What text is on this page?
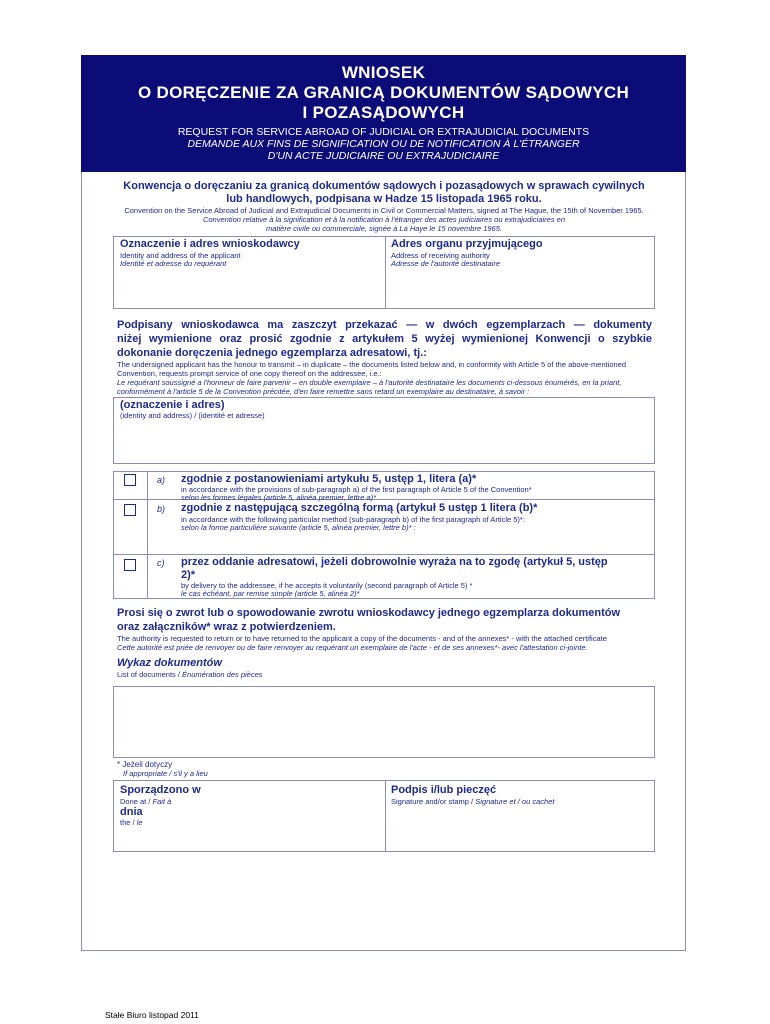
WNIOSEK
O DORĘCZENIE ZA GRANICĄ DOKUMENTÓW SĄDOWYCH
I POZASĄDOWYCH
REQUEST FOR SERVICE ABROAD OF JUDICIAL OR EXTRAJUDICIAL DOCUMENTS
DEMANDE AUX FINS DE SIGNIFICATION OU DE NOTIFICATION À L'ÉTRANGER
D'UN ACTE JUDICIAIRE OU EXTRAJUDICIAIRE
Konwencja o doręczaniu za granicą dokumentów sądowych i pozasądowych w sprawach cywilnych
lub handlowych, podpisana w Hadze 15 listopada 1965 roku.
Convention on the Service Abroad of Judicial and Extrajudicial Documents in Civil or Commercial Matters, signed at The Hague, the 15th of November 1965.
Convention relative à la signification et à la notification à l'étranger des actes judiciaires ou extrajudiciaires en
matière civile ou commerciale, signée à La Haye le 15 novembre 1965.
Oznaczenie i adres wnioskodawcy
Identity and address of the applicant
Identité et adresse du requérant
Adres organu przyjmującego
Address of receiving authority
Adresse de l'autorité destinataire
Podpisany wnioskodawca ma zaszczyt przekazać — w dwóch egzemplarzach — dokumenty
niżej wymienione oraz prosić zgodnie z artykułem 5 wyżej wymienionej Konwencji o szybkie
dokonanie doręczenia jednego egzemplarza adresatowi, tj.:
The undersigned applicant has the honour to transmit – in duplicate – the documents listed below and, in conformity with Article 5 of the above-mentioned
Convention, requests prompt service of one copy thereof on the addressee, i.e.:
Le requérant soussigné a l'honneur de faire parvenir – en double exemplaire – à l'autorité destinataire les documents ci-dessous énumérés, en la priant,
conformément à l'article 5 de la Convention précitée, d'en faire remettre sans retard un exemplaire au destinataire, à savoir :
(oznaczenie i adres)
(identity and address) / (identité et adresse)
a) zgodnie z postanowieniami artykułu 5, ustęp 1, litera (a)*
in accordance with the provisions of sub-paragraph a) of the first paragraph of Article 5 of the Convention*
selon les formes légales (article 5, alinéa premier, lettre a)*
b) zgodnie z następującą szczególną formą (artykuł 5 ustęp 1 litera (b)*
in accordance with the following particular method (sub-paragraph b) of the first paragraph of Article 5)*:
selon la forme particulière suivante (article 5, alinéa premier, lettre b)* :
c) przez oddanie adresatowi, jeżeli dobrowolnie wyraża na to zgodę (artykuł 5, ustęp
2)*
by delivery to the addressee, if he accepts it voluntarily (second paragraph of Article 5) *
le cas échéant, par remise simple (article 5, alinéa 2)*
Prosi się o zwrot lub o spowodowanie zwrotu wnioskodawcy jednego egzemplarza dokumentów
oraz załączników* wraz z potwierdzeniem.
The authority is requested to return or to have returned to the applicant a copy of the documents - and of the annexes* - with the attached certificate
Cette autorité est priée de renvoyer ou de faire renvoyer au requérant un exemplaire de l'acte - et de ses annexes*- avec l'attestation ci-jointe.
Wykaz dokumentów
List of documents / Énumération des pièces
* Jeżeli dotyczy
If appropriate / s'il y a lieu
Sporządzono w
Done at / Fait à
dnia
the / le
Podpis i/lub pieczęć
Signature and/or stamp / Signature et / ou cachet
Stałe Biuro listopad 2011
